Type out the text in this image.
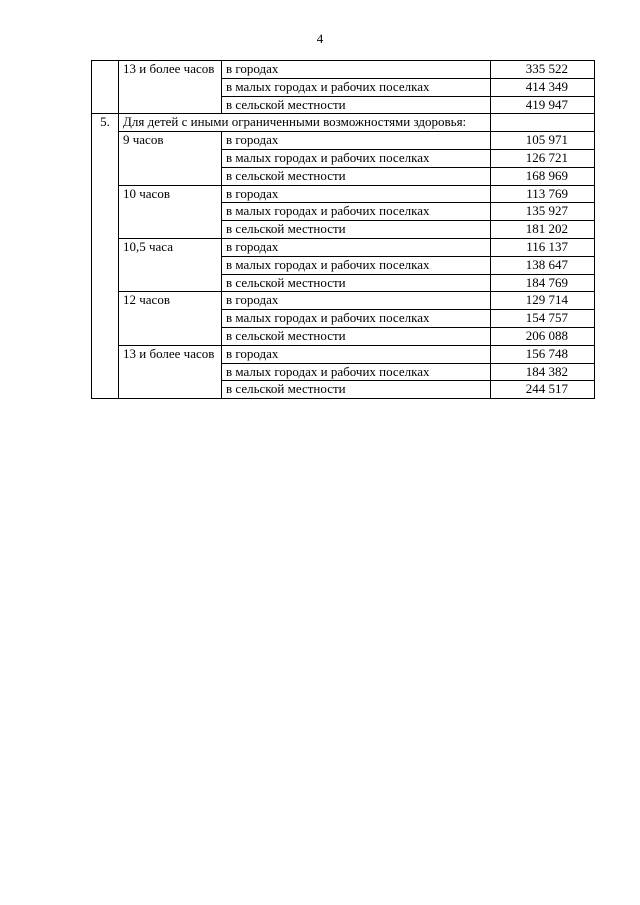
4
	13 и более часов	в городах	335 522
		в малых городах и рабочих поселках	414 349
		в сельской местности	419 947
5.	Для детей с иными ограниченными возможностями здоровья:		
	9 часов	в городах	105 971
		в малых городах и рабочих поселках	126 721
		в сельской местности	168 969
	10 часов	в городах	113 769
		в малых городах и рабочих поселках	135 927
		в сельской местности	181 202
	10,5 часа	в городах	116 137
		в малых городах и рабочих поселках	138 647
		в сельской местности	184 769
	12 часов	в городах	129 714
		в малых городах и рабочих поселках	154 757
		в сельской местности	206 088
	13 и более часов	в городах	156 748
		в малых городах и рабочих поселках	184 382
		в сельской местности	244 517
